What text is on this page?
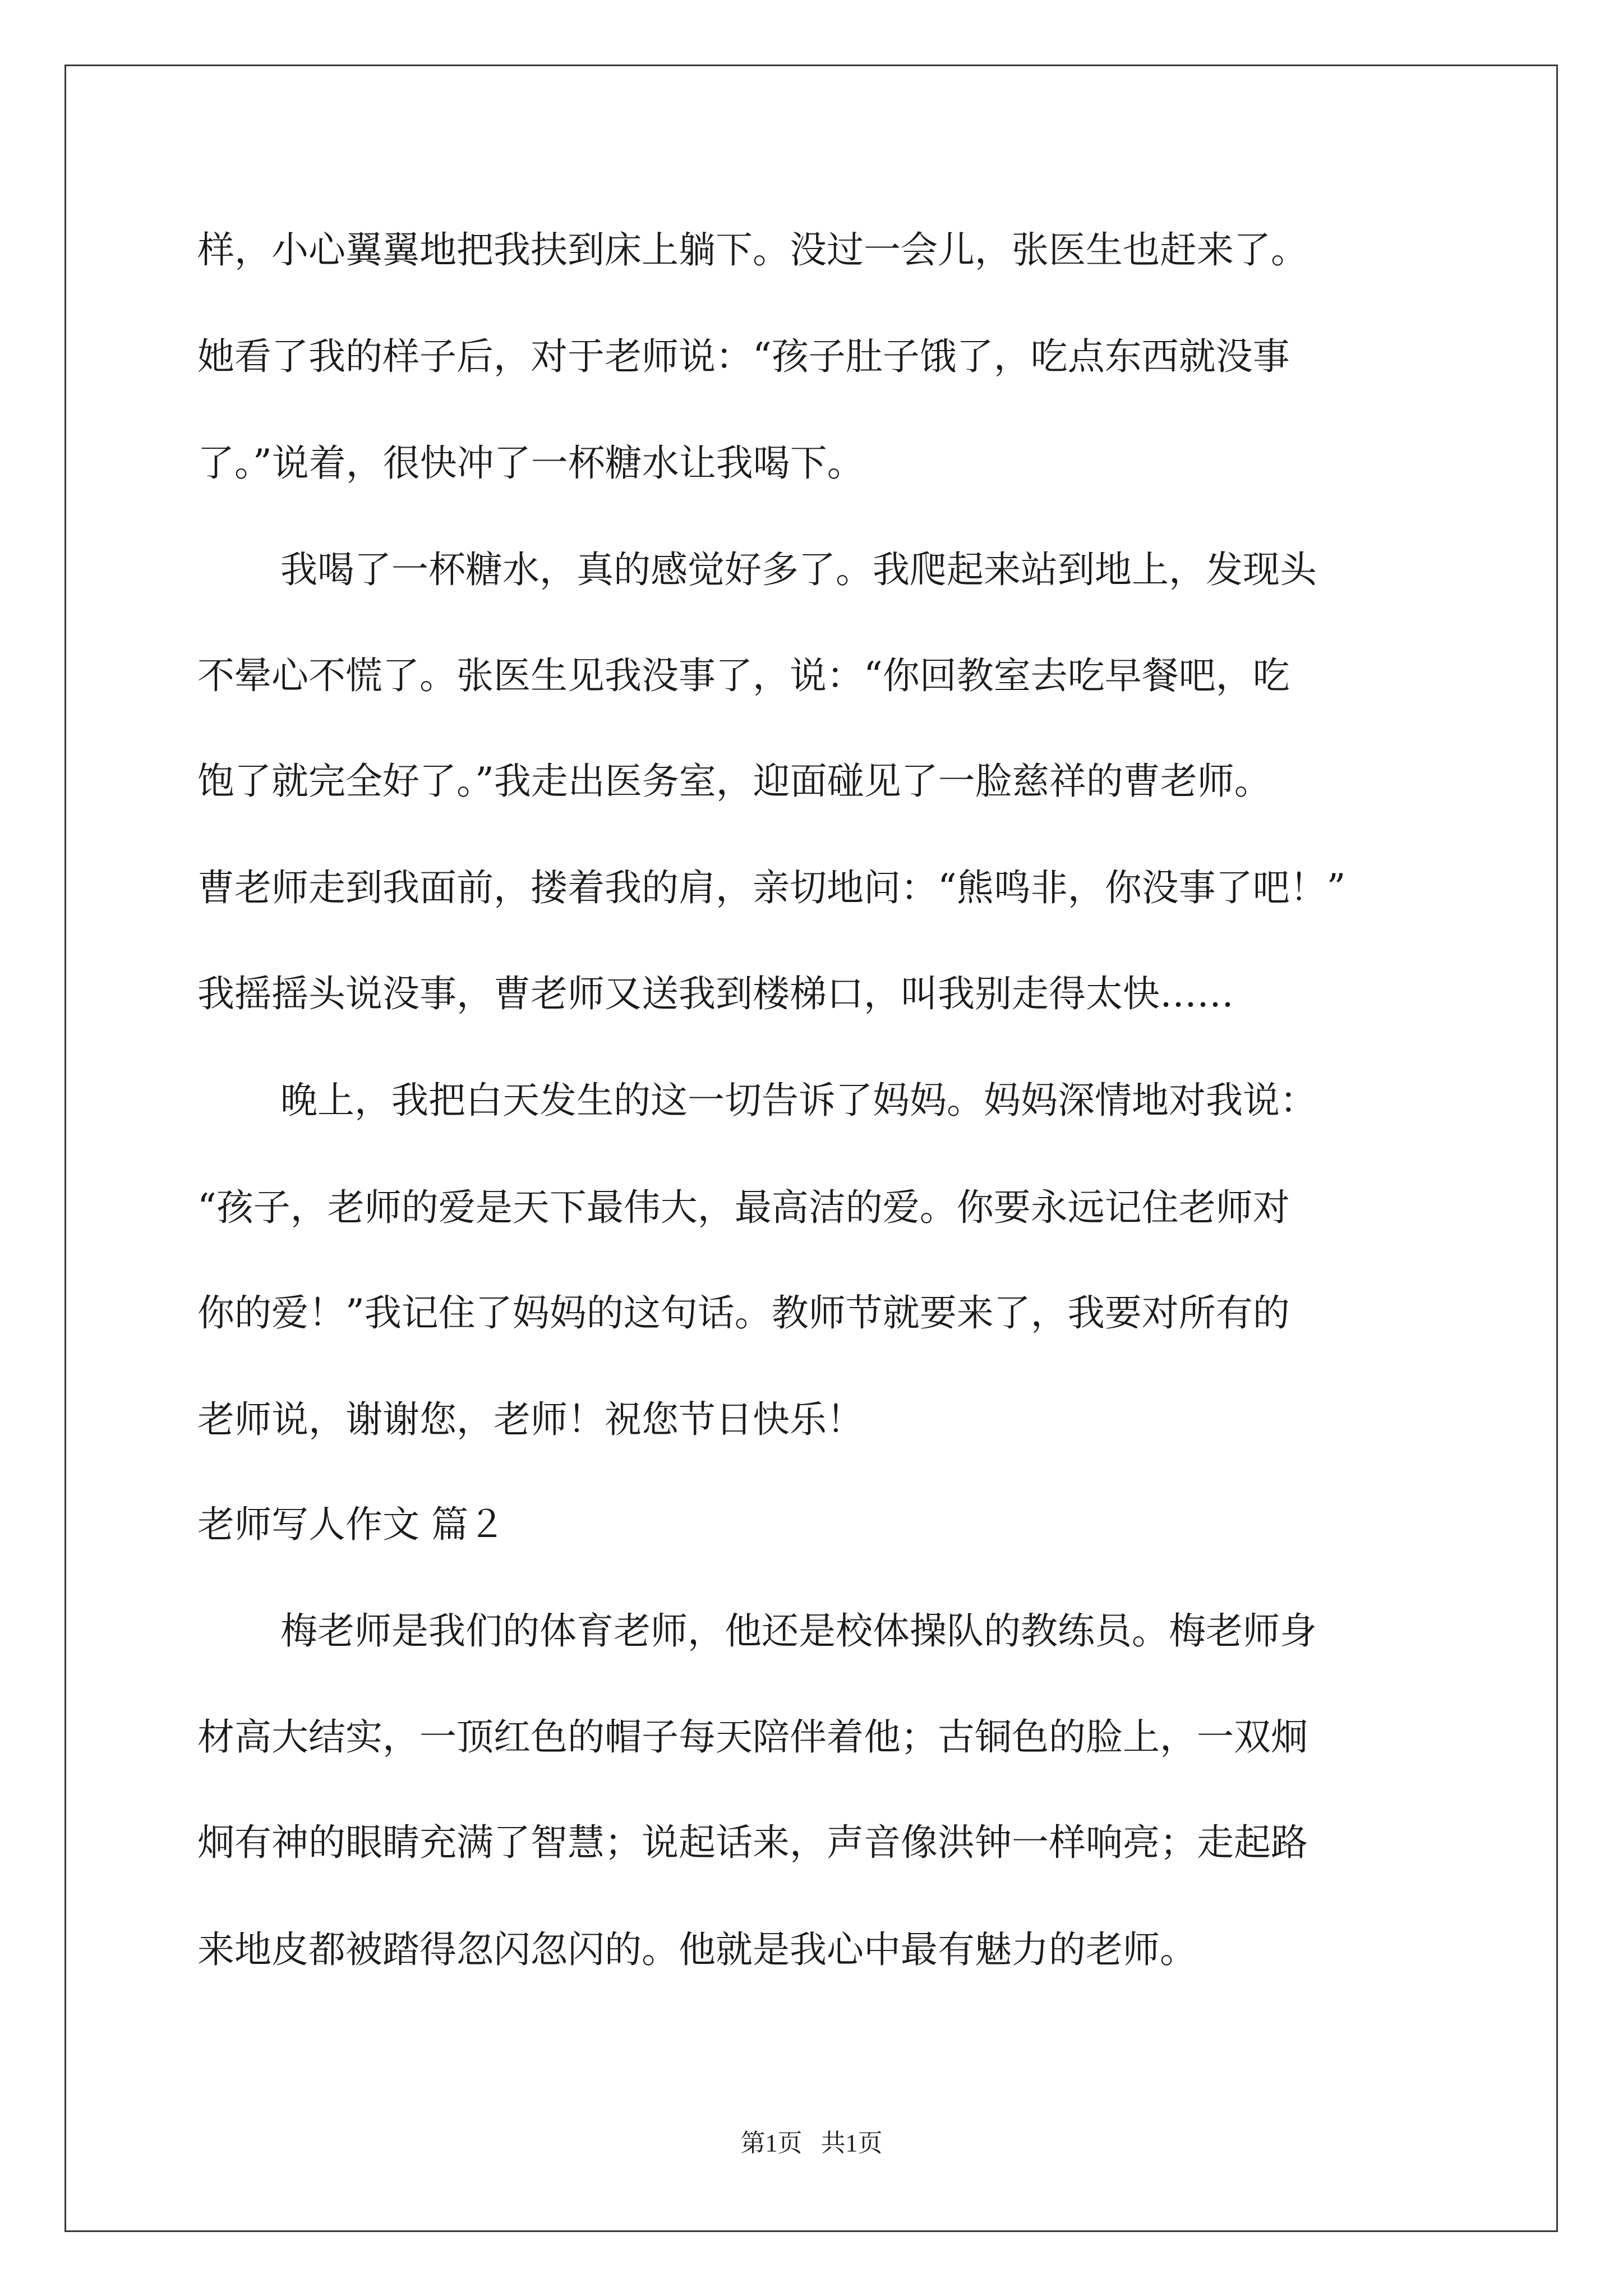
样，小心翼翼地把我扶到床上躺下。没过一会儿，张医生也赶来了。
她看了我的样子后，对于老师说：“孩子肚子饿了，吃点东西就没事
了。”说着，很快冲了一杯糖水让我喝下。
我喝了一杯糖水，真的感觉好多了。我爬起来站到地上，发现头
不晕心不慌了。张医生见我没事了，说：“你回教室去吃早餐吧，吃
饱了就完全好了。”我走出医务室，迎面碰见了一脸慈祥的曹老师。
曹老师走到我面前，搂着我的肩，亲切地问：“熊鸣非，你没事了吧！”
我摇摇头说没事，曹老师又送我到楼梯口，叫我别走得太快……
晚上，我把白天发生的这一切告诉了妈妈。妈妈深情地对我说：
“孩子，老师的爱是天下最伟大，最高洁的爱。你要永远记住老师对
你的爱！”我记住了妈妈的这句话。教师节就要来了，我要对所有的
老师说，谢谢您，老师！祝您节日快乐！
老师写人作文 篇２
梅老师是我们的体育老师，他还是校体操队的教练员。梅老师身
材高大结实，一顶红色的帽子每天陪伴着他；古铜色的脸上，一双炯
炯有神的眼睛充满了智慧；说起话来，声音像洪钟一样响亮；走起路
来地皮都被踏得忽闪忽闪的。他就是我心中最有魅力的老师。
第1页   共1页
